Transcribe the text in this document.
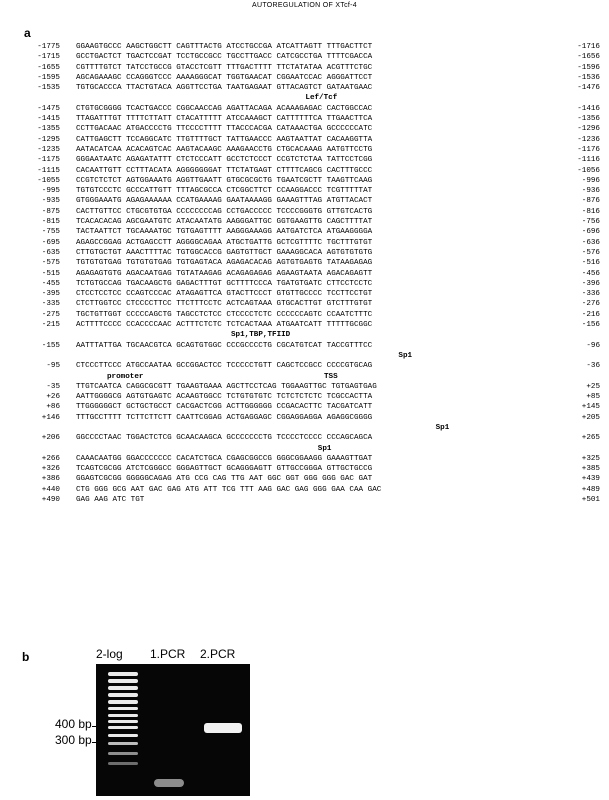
AUTOREGULATION OF XTcf-4
a
-1775 GGAAGTGCCC AAGCTGGCTT CAGTTTACTG ATCCTGCCGA ATCATTAGTT TTTGACTTCT	-1716
-1715 GCCTGACTCT TGACTCCGAT TCCTGCCGCC TGCCTTGACC CATCGCCTGA TTTTCGACCA	-1656
-1655 CGTTTTGTCT TATCCTGCCG GTACCTCGTT TTTGACTTTT TTCTATATAA ACGTTTCTGC	-1596
-1595 AGCAGAAAGC CCAGGGTCCC AAAAGGGCAT TGGTGAACAT CGGAATCCAC AGGGATTCCT	-1536
-1535 TGTGCACCCA TTACTGTACA AGGTTCCTGA TAATGAGAAT GTTACAGTCT GATAATGAAC	-1476
Lef/Tcf
-1475 CTGTGCGGGG TCACTGACCC CGGCAACCAG AGATTACAGA ACAAAGAGAC CACTGGCCAC	-1416
-1415 TTAGATTTGT TTTTCTTATT CTACATTTTT ATCCAAAGCT CATTTTTTCA TTGAACTTCA	-1356
-1355 CCTTGACAAC ATGACCCCTG TTCCCCTTTT TTACCCACGA CATAAACTGA GCCCCCCATC	-1296
-1295 CATTGAGCTT TCCAGGCATC TTGTTTTGCT TATTGAACCC AAGTAATTAT CACAAGGTTA	-1236
-1235 AATACATCAA ACACAGTCAC AAGTACAAGC AAAGAACCTG CTGCACAAAG AATGTTCCTG	-1176
-1175 GGGAATAATC AGAGATATTT CTCTCCCATT GCCTCTCCCT CCGTCTCTAA TATTCCTCGG	-1116
-1115 CACAATTGTT CCTTTACATA AGGGGGGGAT TTCTATGAGT CTTTTCAGCG CACTTTGCCC	-1056
-1055 CCGTCTCTCT AGTGGAAATG AGGTTGAATT GTGCGCGCTG TGAATCGCTT TAAGTTCAAG	-996
-995 TGTGTCCCTC GCCCATTGTT TTTAGCGCCA CTCGGCTTCT CCAAGGACCC TCGTTTTTAT	-936
-935 GTGGGAAATG AGAGAAAAAA CCATGAAAAG GAATAAAAGG GAAAGTTTAG ATGTTACACT	-876
-875 CACTTGTTCC CTGCGTGTGA CCCCCCCCAG CCTGACCCCC TCCCCGGGTG GTTGTCACTG	-816
-815 TCACACACAG AGCGAATGTC ATACAATATG AAGGGATTGC GGTGAAGTTG CAGCTTTTAT	-756
-755 TACTAATTCT TGCAAAATGC TGTGAGTTTT AAGGGAAAGG AATGATCTCA ATGAAGGGGA	-696
-695 AGAGCCGGAG ACTGAGCCTT AGGGGCAGAA ATGCTGATTG GCTCGTTTTC TGCTTTGTGT	-636
-635 CTTGTGCTGT AAACTTTTAC TGTGGCACCG GAGTGTTGCT GAAAGGCACA AGTGTGTGTG	-576
-575 TGTGTGTGAG TGTGTGTGAG TGTGAGTACA AGAGACACAG AGTGTGAGTG TATAAGAGAG	-516
-515 AGAGAGTGTG AGACAATGAG TGTATAAGAG ACAGAGAGAG AGAAGTAATA AGACAGAGTT	-456
-455 TCTGTGCCAG TGACAAGCTG GAGACTTTGT GCTTTTCCCA TGATGTGATC CTTCCTCCTC	-396
-395 CTCCTCCTCC CCAGTCCCAC ATAGAGTTCA GTACTTCCCT GTGTTGCCCC TCCTTCCTGT	-336
-335 CTCTTGGTCC CTCCCCTTCC TTCTTTCCTC ACTCAGTAAA GTGCACTTGT GTCTTTGTGT	-276
-275 TGCTGTTGGT CCCCCAGCTG TAGCCTCTCC CTCCCCTCTC CCCCCCAGTC CCAATCTTTC	-216
-215 ACTTTTCCCC CCACCCCAAC ACTTTCTCTC TCTCACTAAA ATGAATCATT TTTTTGCGGC	-156
Sp1,TBP,TFIID
-155 AATTTATTGA TGCAACGTCA GCAGTGTGGC CCCGCCCCTG CGCATGTCAT TACCGTTTCC	-96
Sp1
-95 CTCCCTTCCC ATGCCAATAA GCCGGACTCC TCCCCCTGTT CAGCTCCGCC CCCCGTGCAG	-36
promoter	TSS
-35 TTGTCAATCA CAGGCGCGTT TGAAGTGAAA AGCTTCCTCAG TGGAAGTTGC TGTGAGTGAG	+25
+26 AATTGGGGCG AGTGTGAGTC ACAAGTGGCC TCTGTGTGTC TCTCTCTCTC TCGCCACTTA	+85
+86 TTGGGGGGCT GCTGCTGCCT CACGACTCGG ACTTGGGGGG CCGACACTTC TACGATCATT	+145
+146 TTTGCCTTTT TCTTCTTCTT CAATTCGGAG ACTGAGGAGC CGGAGGAGGA AGAGGCGGGG	+205
Sp1
+206 GGCCCCTAAC TGGACTCTCG GCAACAAGCA GCCCCCCCTG TCCCCTCCCC CCCAGCAGCA	+265
Sp1
+266 CAAACAATGG GGACCCCCCC CACATCTGCA CGAGCGGCCG GGGCGGAAGG GAAAGTTGAT	+325
+326 TCAGTCGCGG ATCTCGGGCC GGGAGTTGCT GCAGGGAGTT GTTGCCGGGA GTTGCTGCCG	+385
+386 GGAGTCGCGG GGGGGCAGAG ATG CCG CAG TTG AAT GGC GGT GGG GGG GAC GAT	+439
+440 CTG GGG GCG AAT GAC GAG ATG ATT TCG TTT AAG GAC GAG GGG GAA CAA GAC	+489
+490 GAG AAG ATC TGT	+501
b	2-log 1.PCR 2.PCR
400 bp
300 bp
